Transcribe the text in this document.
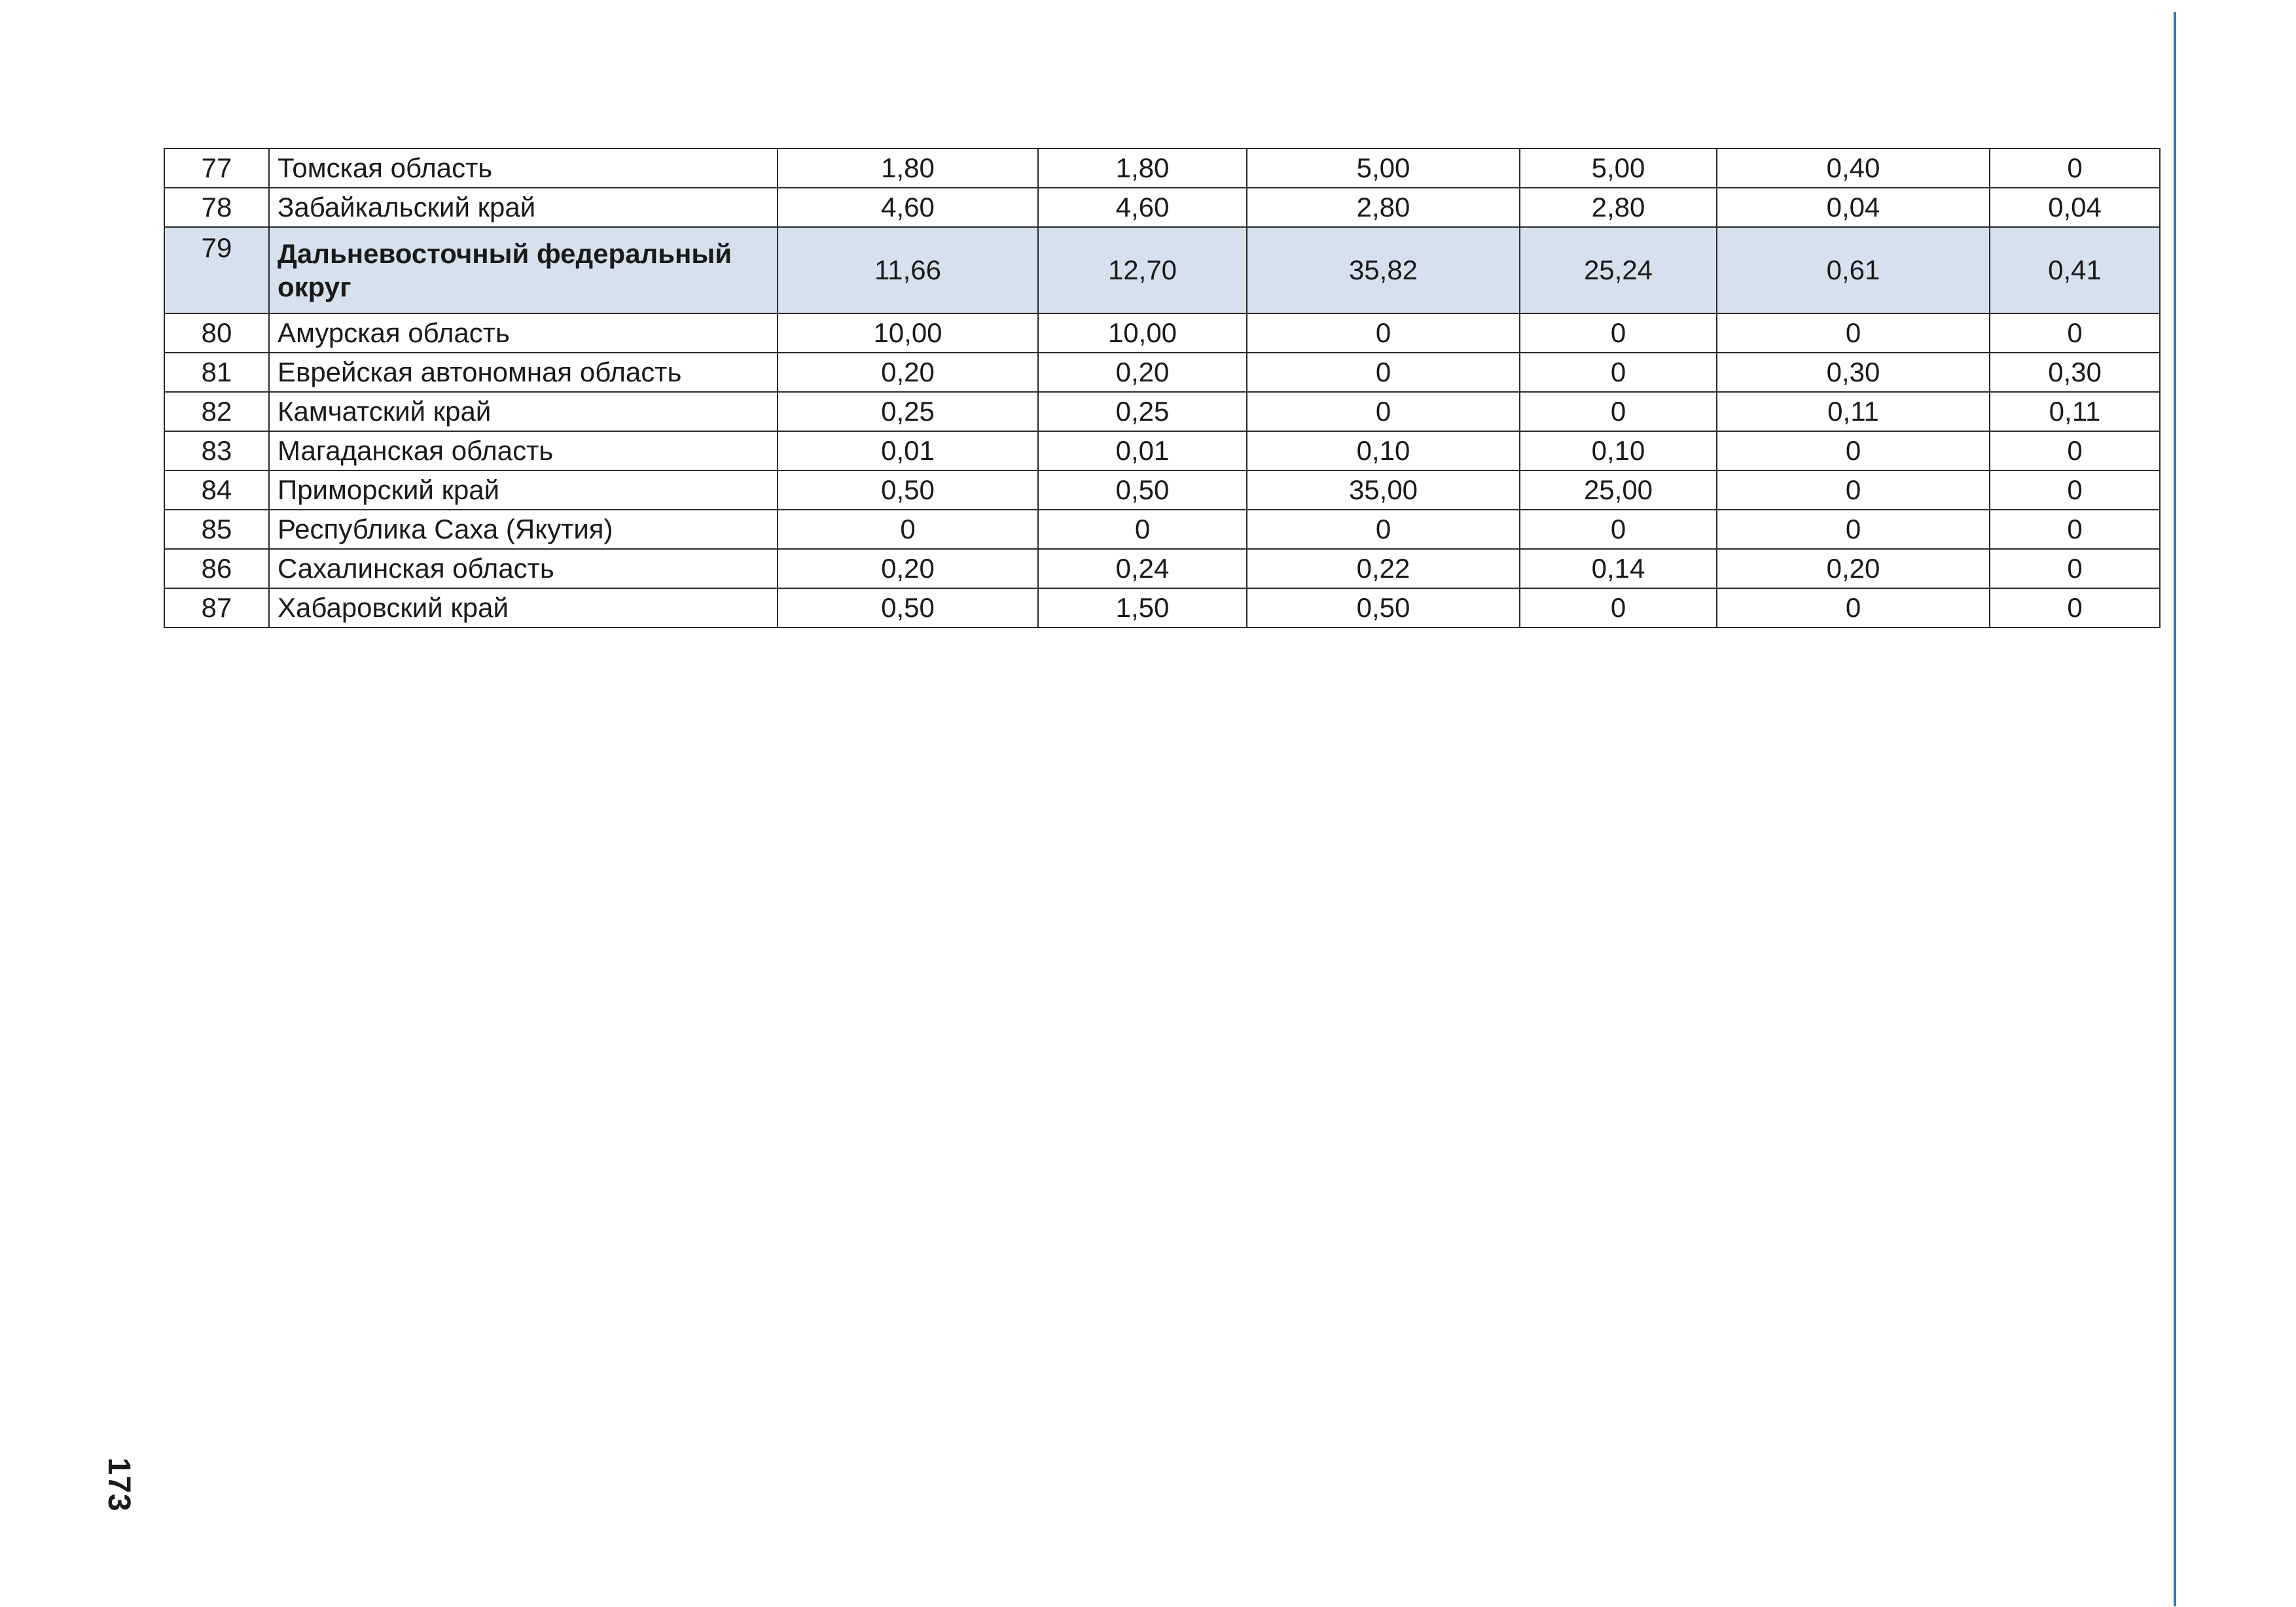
77	Томская область	1,80	1,80	5,00	5,00	0,40	0
78	Забайкальский край	4,60	4,60	2,80	2,80	0,04	0,04
79	Дальневосточный федеральный округ	11,66	12,70	35,82	25,24	0,61	0,41
80	Амурская область	10,00	10,00	0	0	0	0
81	Еврейская автономная область	0,20	0,20	0	0	0,30	0,30
82	Камчатский край	0,25	0,25	0	0	0,11	0,11
83	Магаданская область	0,01	0,01	0,10	0,10	0	0
84	Приморский край	0,50	0,50	35,00	25,00	0	0
85	Республика Саха (Якутия)	0	0	0	0	0	0
86	Сахалинская область	0,20	0,24	0,22	0,14	0,20	0
87	Хабаровский край	0,50	1,50	0,50	0	0	0
173
